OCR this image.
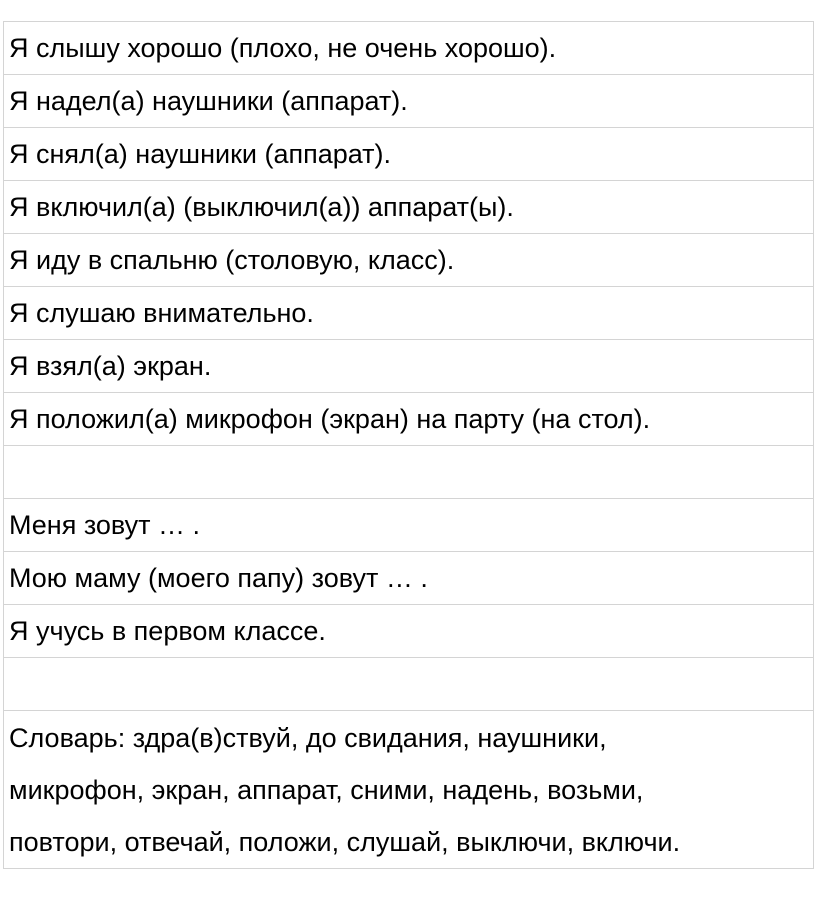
Я слышу хорошо (плохо, не очень хорошо).
Я надел(а) наушники (аппарат).
Я снял(а) наушники (аппарат).
Я включил(а) (выключил(а)) аппарат(ы).
Я иду в спальню (столовую, класс).
Я слушаю внимательно.
Я взял(а) экран.
Я положил(а) микрофон (экран) на парту (на стол).

Меня зовут … .
Мою маму (моего папу) зовут … .
Я учусь в первом классе.

Словарь: здра(в)ствуй, до свидания, наушники,
микрофон, экран, аппарат, сними, надень, возьми,
повтори, отвечай, положи, слушай, выключи, включи.
